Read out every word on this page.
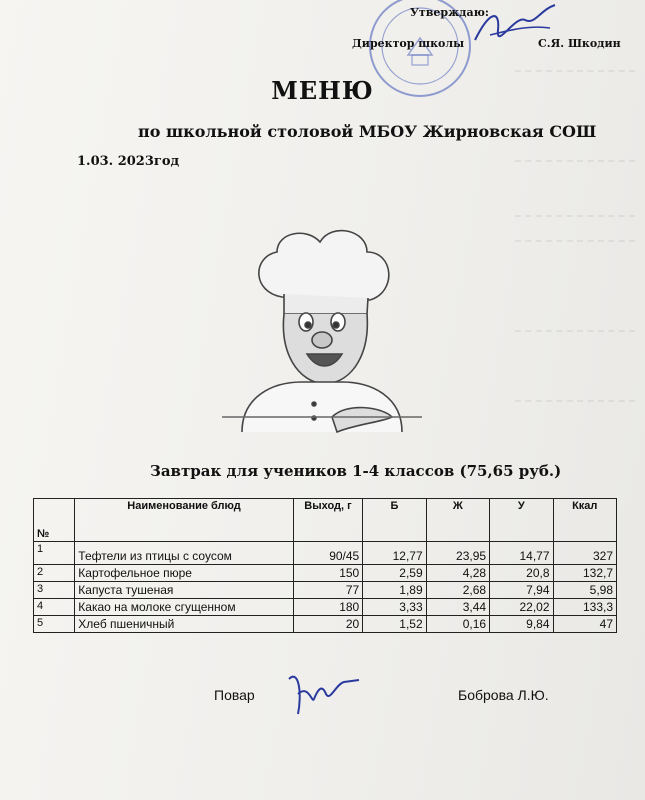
Утверждаю:
Директор школы	С.Я. Шкодин
МЕНЮ
по школьной столовой МБОУ Жирновская СОШ
1.03. 2023год
Завтрак для учеников 1-4 классов (75,65 руб.)
№	Наименование блюд	Выход, г	Б	Ж	У	Ккал
1	Тефтели из птицы с соусом	90/45	12,77	23,95	14,77	327
2	Картофельное пюре	150	2,59	4,28	20,8	132,7
3	Капуста тушеная	77	1,89	2,68	7,94	5,98
4	Какао на молоке сгущенном	180	3,33	3,44	22,02	133,3
5	Хлеб пшеничный	20	1,52	0,16	9,84	47
Повар	Боброва Л.Ю.
